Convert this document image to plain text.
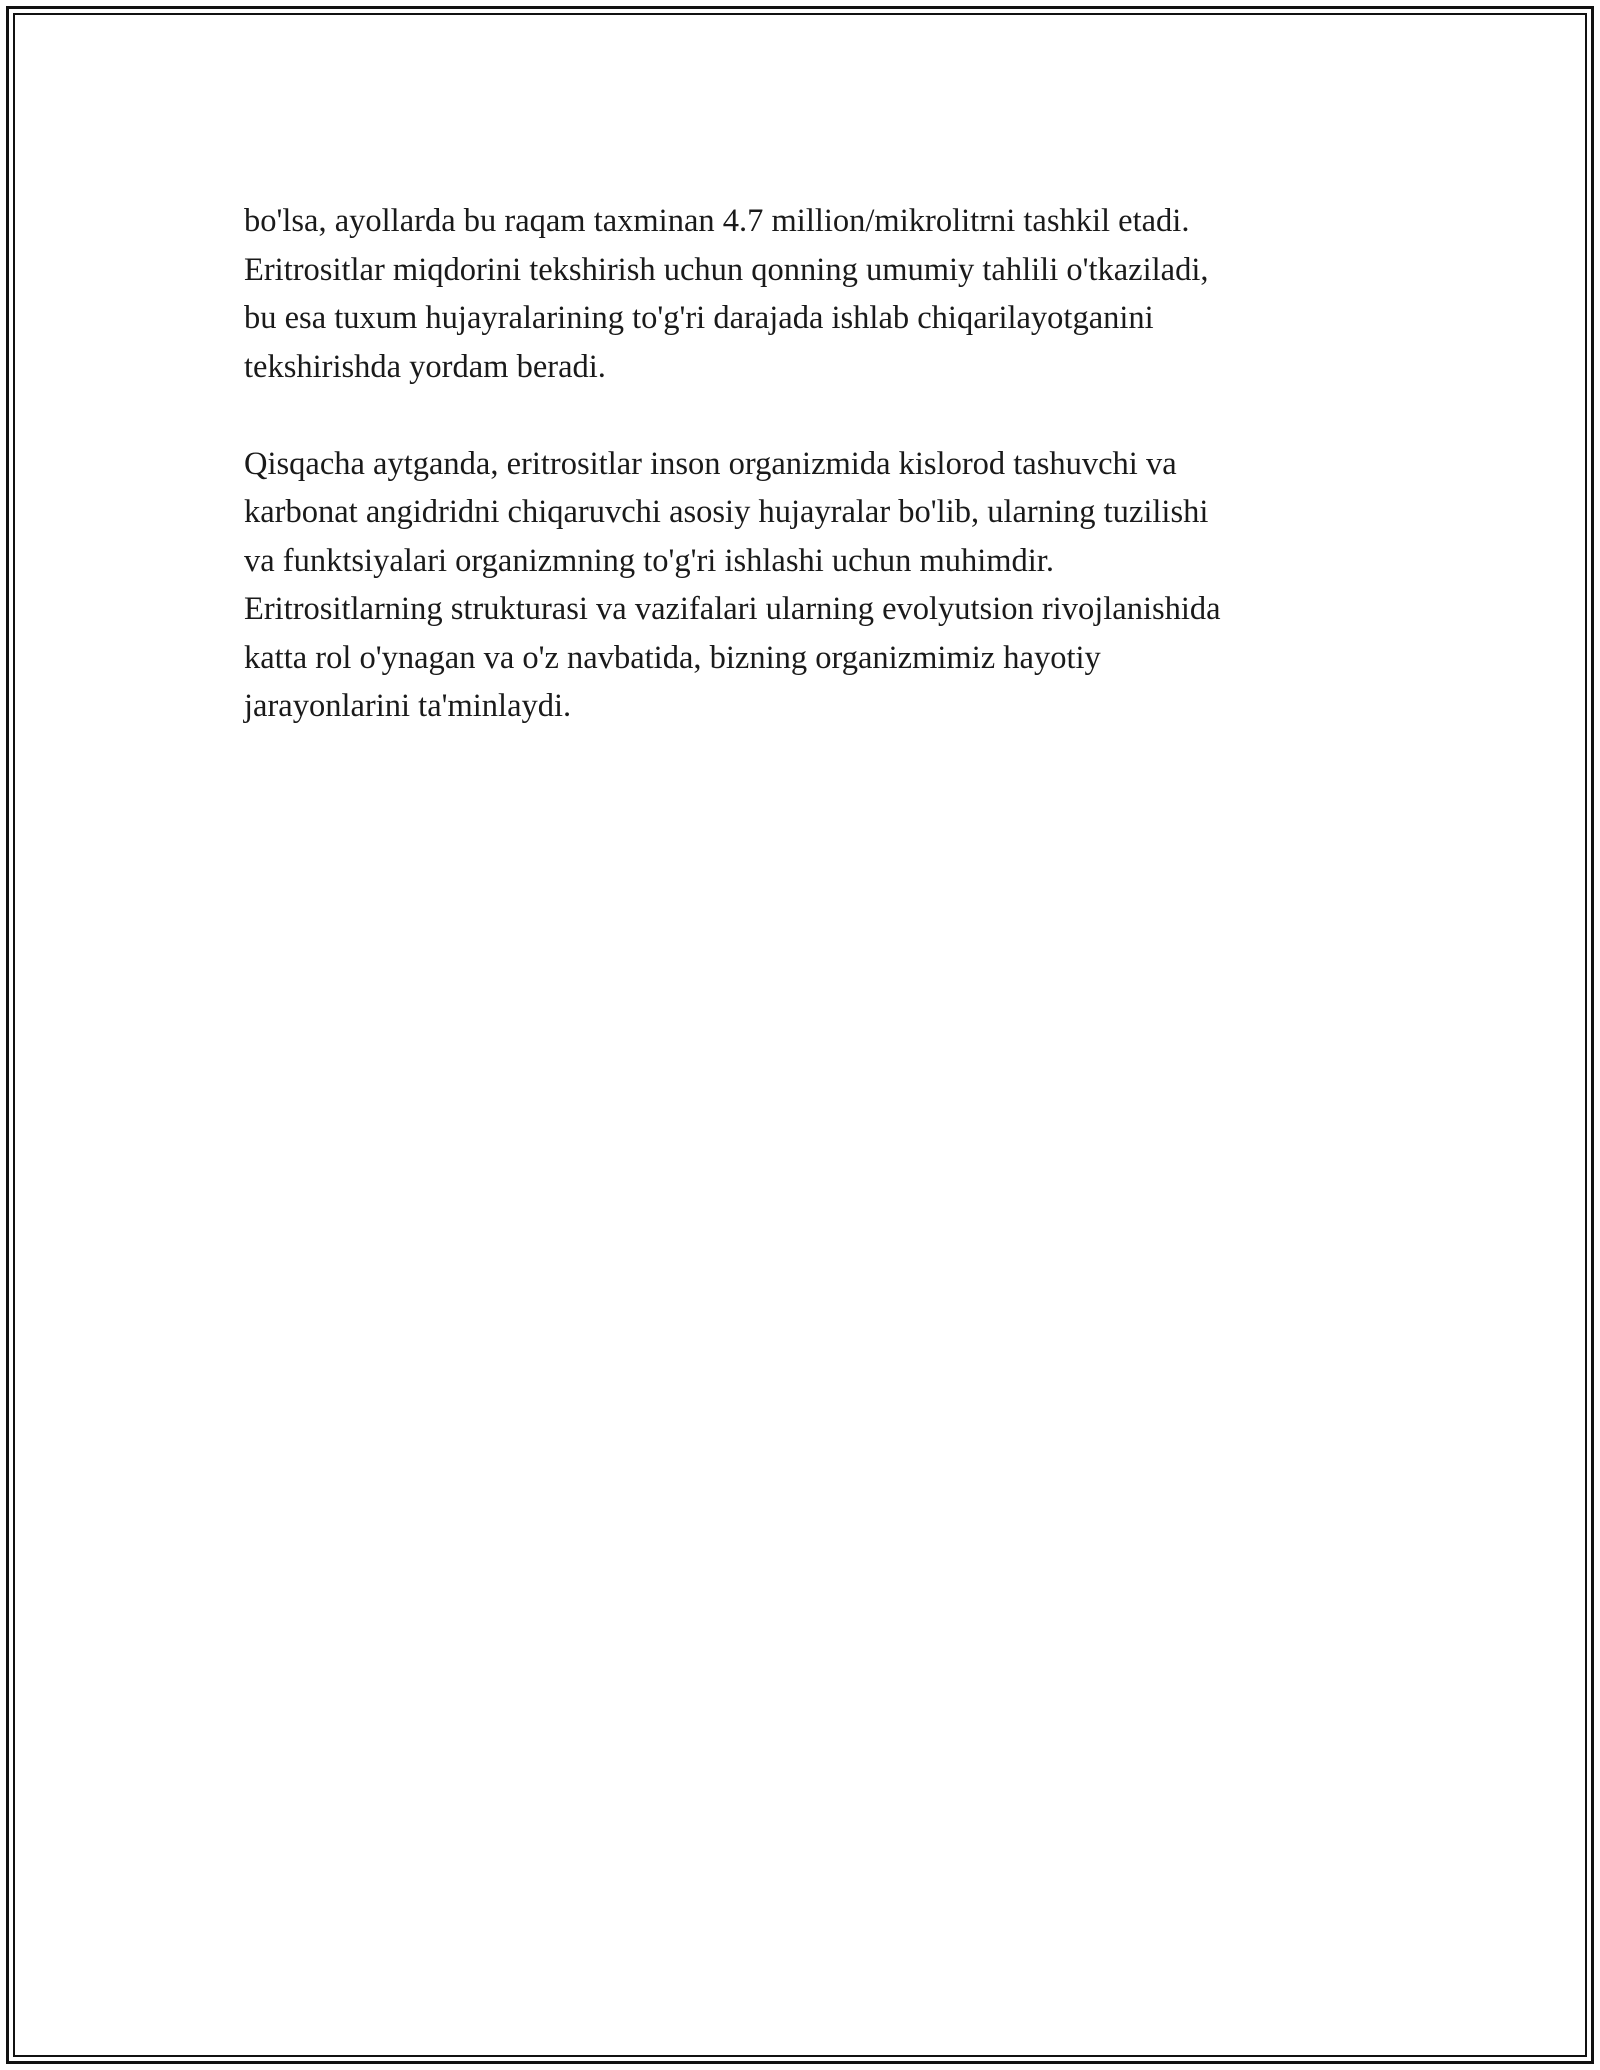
bo'lsa, ayollarda bu raqam taxminan 4.7 million/mikrolitrni tashkil etadi.
Eritrositlar miqdorini tekshirish uchun qonning umumiy tahlili o'tkaziladi,
bu esa tuxum hujayralarining to'g'ri darajada ishlab chiqarilayotganini
tekshirishda yordam beradi.

Qisqacha aytganda, eritrositlar inson organizmida kislorod tashuvchi va
karbonat angidridni chiqaruvchi asosiy hujayralar bo'lib, ularning tuzilishi
va funktsiyalari organizmning to'g'ri ishlashi uchun muhimdir.
Eritrositlarning strukturasi va vazifalari ularning evolyutsion rivojlanishida
katta rol o'ynagan va o'z navbatida, bizning organizmimiz hayotiy
jarayonlarini ta'minlaydi.
